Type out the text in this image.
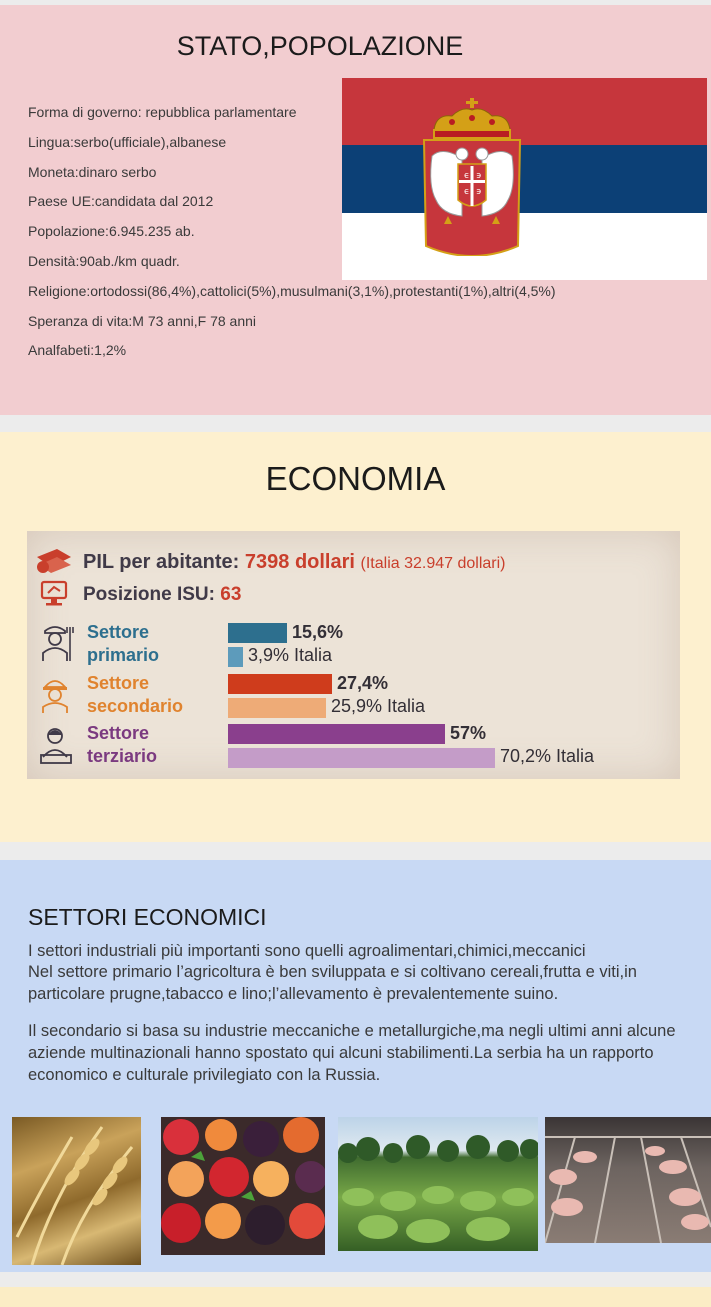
STATO,POPOLAZIONE
ϵ ϶
ϵ ϶
Forma di governo: repubblica parlamentare
Lingua:serbo(ufficiale),albanese
Moneta:dinaro serbo
Paese UE:candidata dal 2012
Popolazione:6.945.235 ab.
Densità:90ab./km quadr.
Religione:ortodossi(86,4%),cattolici(5%),musulmani(3,1%),protestanti(1%),altri(4,5%)
Speranza di vita:M 73 anni,F 78 anni
Analfabeti:1,2%
ECONOMIA
PIL per abitante: 7398 dollari (Italia 32.947 dollari)
Posizione ISU: 63
Settore
primario
Settore
secondario
Settore
terziario
15,6%
3,9% Italia
27,4%
25,9% Italia
57%
70,2% Italia
SETTORI ECONOMICI
I settori industriali più importanti sono quelli agroalimentari,chimici,meccanici
Nel settore primario l’agricoltura è ben sviluppata e si coltivano cereali,frutta e viti,in particolare prugne,tabacco e lino;l’allevamento è prevalentemente suino.
Il secondario si basa su industrie meccaniche e metallurgiche,ma negli ultimi anni alcune aziende multinazionali hanno spostato qui alcuni stabilimenti.La serbia ha un rapporto economico e culturale privilegiato con la Russia.
